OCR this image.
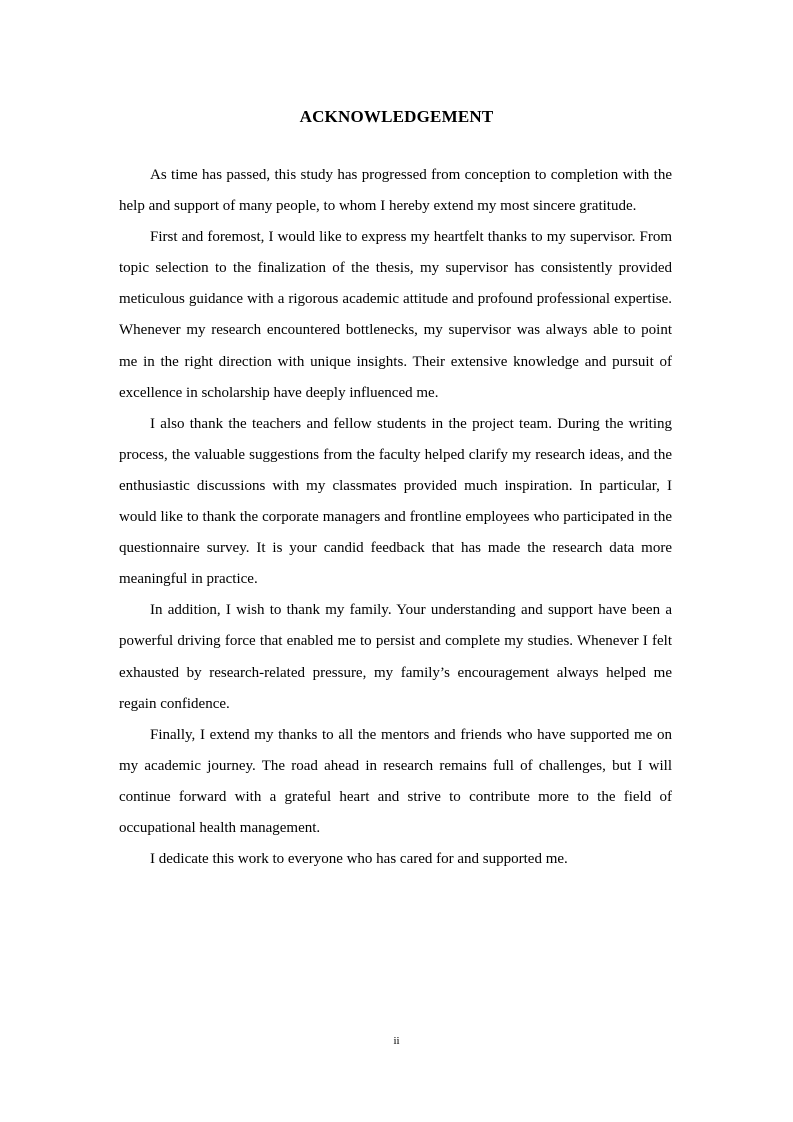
ACKNOWLEDGEMENT

As time has passed, this study has progressed from conception to completion with the help and support of many people, to whom I hereby extend my most sincere gratitude.

First and foremost, I would like to express my heartfelt thanks to my supervisor. From topic selection to the finalization of the thesis, my supervisor has consistently provided meticulous guidance with a rigorous academic attitude and profound professional expertise. Whenever my research encountered bottlenecks, my supervisor was always able to point me in the right direction with unique insights. Their extensive knowledge and pursuit of excellence in scholarship have deeply influenced me.

I also thank the teachers and fellow students in the project team. During the writing process, the valuable suggestions from the faculty helped clarify my research ideas, and the enthusiastic discussions with my classmates provided much inspiration. In particular, I would like to thank the corporate managers and frontline employees who participated in the questionnaire survey. It is your candid feedback that has made the research data more meaningful in practice.

In addition, I wish to thank my family. Your understanding and support have been a powerful driving force that enabled me to persist and complete my studies. Whenever I felt exhausted by research-related pressure, my family’s encouragement always helped me regain confidence.

Finally, I extend my thanks to all the mentors and friends who have supported me on my academic journey. The road ahead in research remains full of challenges, but I will continue forward with a grateful heart and strive to contribute more to the field of occupational health management.

I dedicate this work to everyone who has cared for and supported me.

ii
